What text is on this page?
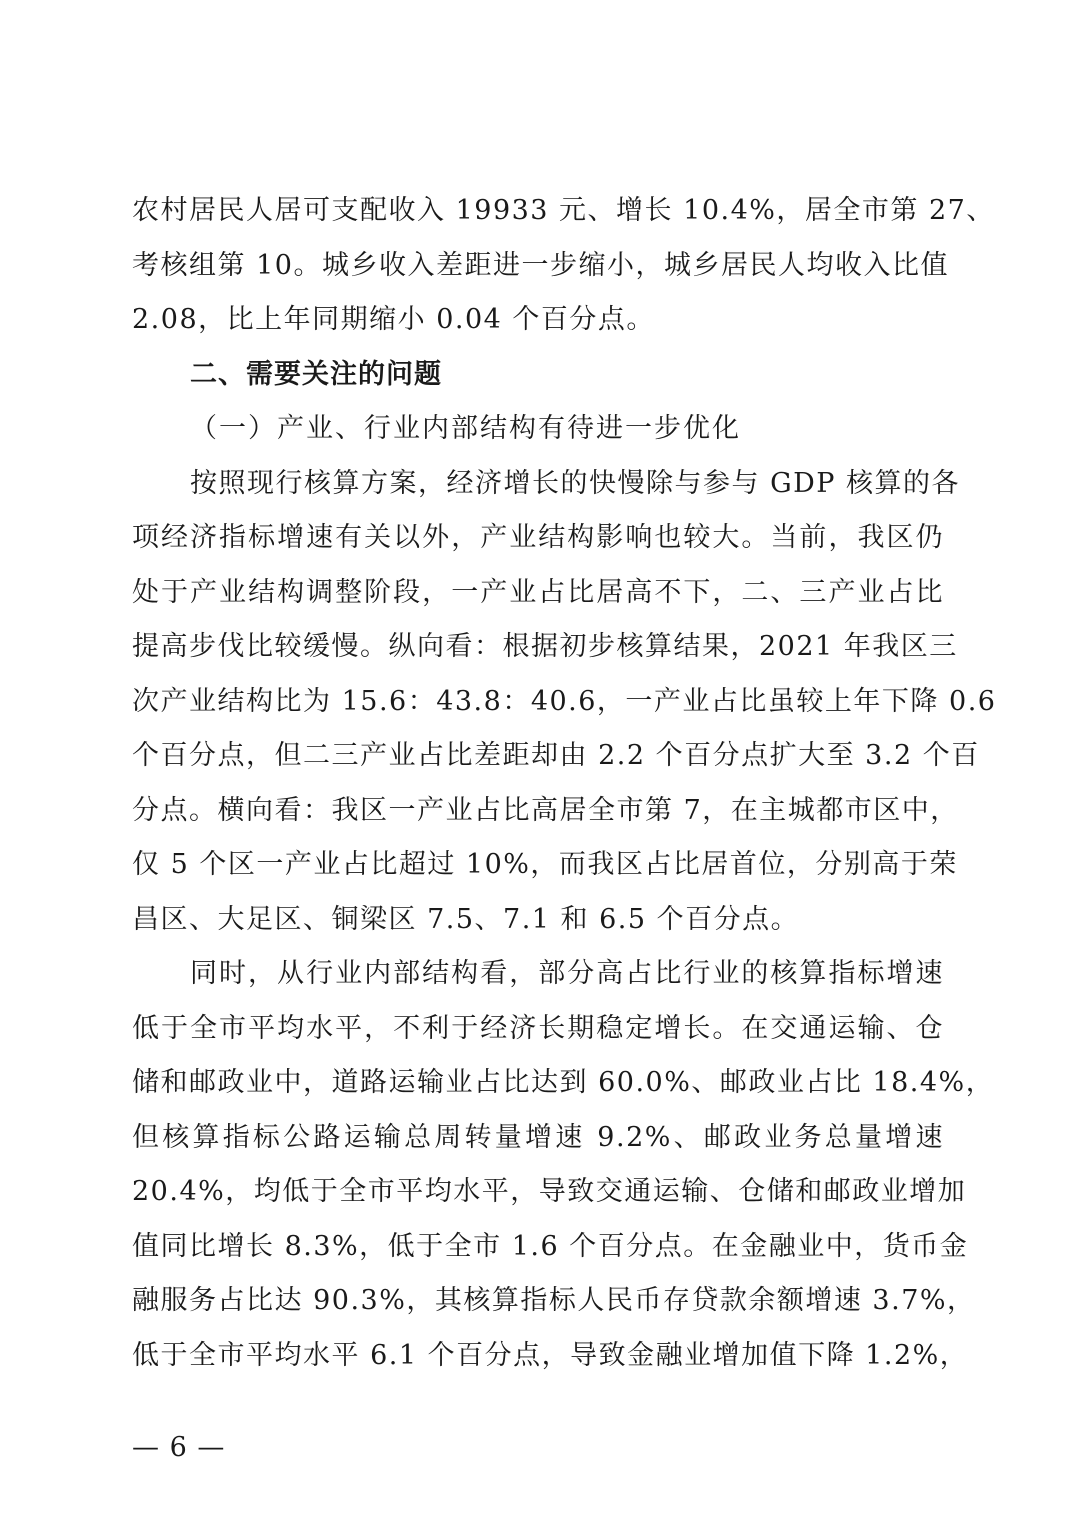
农村居民人居可支配收入 19933 元、增长 10.4%，居全市第 27、
考核组第 10。城乡收入差距进一步缩小，城乡居民人均收入比值
2.08，比上年同期缩小 0.04 个百分点。
二、需要关注的问题
（一）产业、行业内部结构有待进一步优化
按照现行核算方案，经济增长的快慢除与参与 GDP 核算的各
项经济指标增速有关以外，产业结构影响也较大。当前，我区仍
处于产业结构调整阶段，一产业占比居高不下，二、三产业占比
提高步伐比较缓慢。纵向看：根据初步核算结果，2021 年我区三
次产业结构比为 15.6：43.8：40.6，一产业占比虽较上年下降 0.6
个百分点，但二三产业占比差距却由 2.2 个百分点扩大至 3.2 个百
分点。横向看：我区一产业占比高居全市第 7，在主城都市区中，
仅 5 个区一产业占比超过 10%，而我区占比居首位，分别高于荣
昌区、大足区、铜梁区 7.5、7.1 和 6.5 个百分点。
同时，从行业内部结构看，部分高占比行业的核算指标增速
低于全市平均水平，不利于经济长期稳定增长。在交通运输、仓
储和邮政业中，道路运输业占比达到 60.0%、邮政业占比 18.4%，
但核算指标公路运输总周转量增速 9.2%、邮政业务总量增速
20.4%，均低于全市平均水平，导致交通运输、仓储和邮政业增加
值同比增长 8.3%，低于全市 1.6 个百分点。在金融业中，货币金
融服务占比达 90.3%，其核算指标人民币存贷款余额增速 3.7%，
低于全市平均水平 6.1 个百分点，导致金融业增加值下降 1.2%，
— 6 —
